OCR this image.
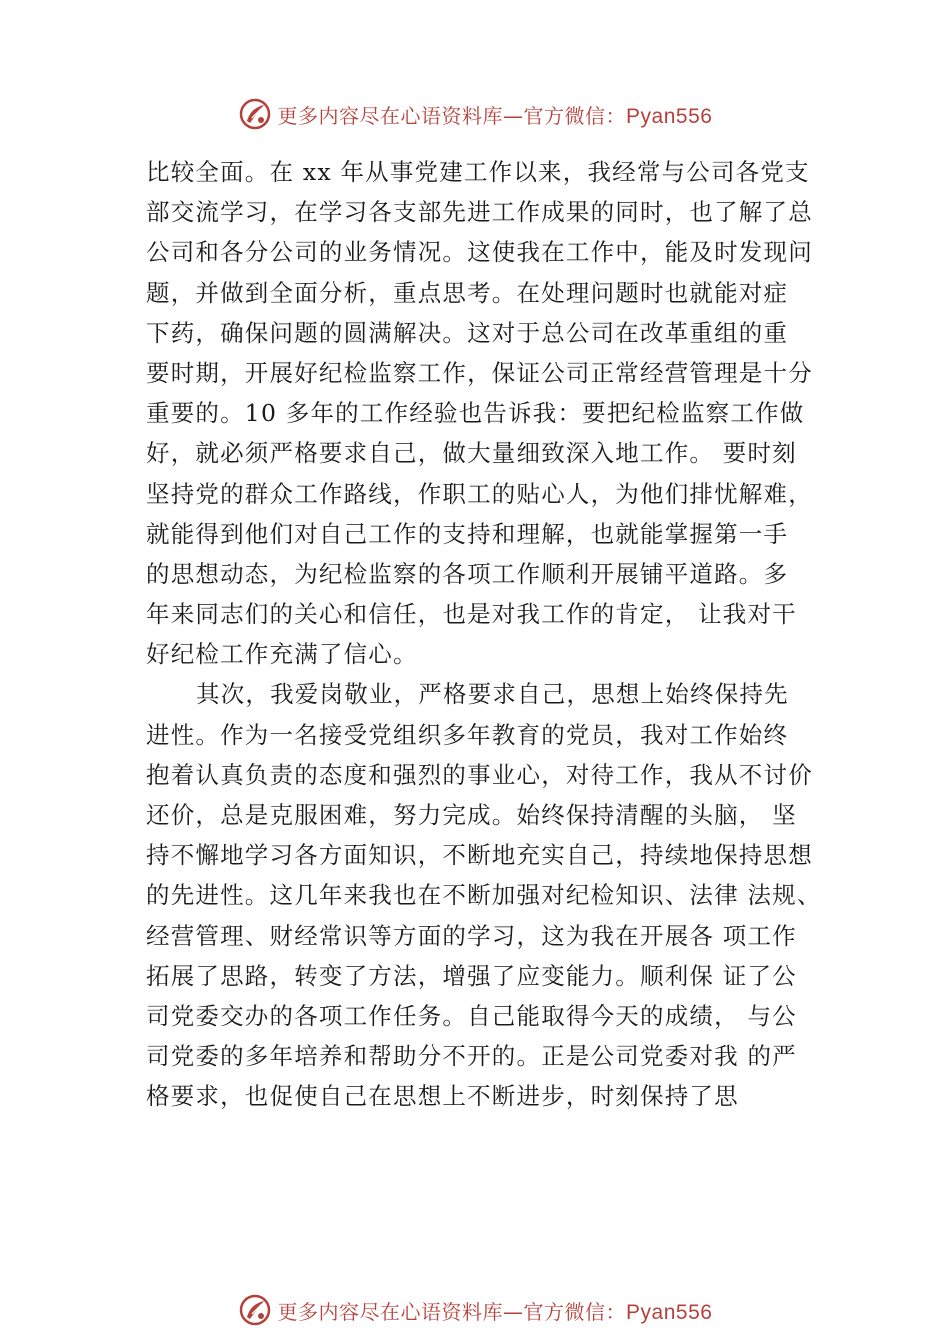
更多内容尽在心语资料库—官方微信：Pyan556
比较全面。在 xx 年从事党建工作以来，我经常与公司各党支
部交流学习，在学习各支部先进工作成果的同时，也了解了总
公司和各分公司的业务情况。这使我在工作中，能及时发现问
题，并做到全面分析，重点思考。在处理问题时也就能对症
下药，确保问题的圆满解决。这对于总公司在改革重组的重
要时期，开展好纪检监察工作，保证公司正常经营管理是十分
重要的。10 多年的工作经验也告诉我：要把纪检监察工作做
好，就必须严格要求自己，做大量细致深入地工作。 要时刻
坚持党的群众工作路线，作职工的贴心人，为他们排忧解难，
就能得到他们对自己工作的支持和理解，也就能掌握第一手
的思想动态，为纪检监察的各项工作顺利开展铺平道路。多
年来同志们的关心和信任，也是对我工作的肯定， 让我对干
好纪检工作充满了信心。
其次，我爱岗敬业，严格要求自己，思想上始终保持先
进性。作为一名接受党组织多年教育的党员，我对工作始终
抱着认真负责的态度和强烈的事业心，对待工作，我从不讨价
还价，总是克服困难，努力完成。始终保持清醒的头脑， 坚
持不懈地学习各方面知识，不断地充实自己，持续地保持思想
的先进性。这几年来我也在不断加强对纪检知识、法律 法规、
经营管理、财经常识等方面的学习，这为我在开展各 项工作
拓展了思路，转变了方法，增强了应变能力。顺利保 证了公
司党委交办的各项工作任务。自己能取得今天的成绩， 与公
司党委的多年培养和帮助分不开的。正是公司党委对我 的严
格要求，也促使自己在思想上不断进步，时刻保持了思
更多内容尽在心语资料库—官方微信：Pyan556
